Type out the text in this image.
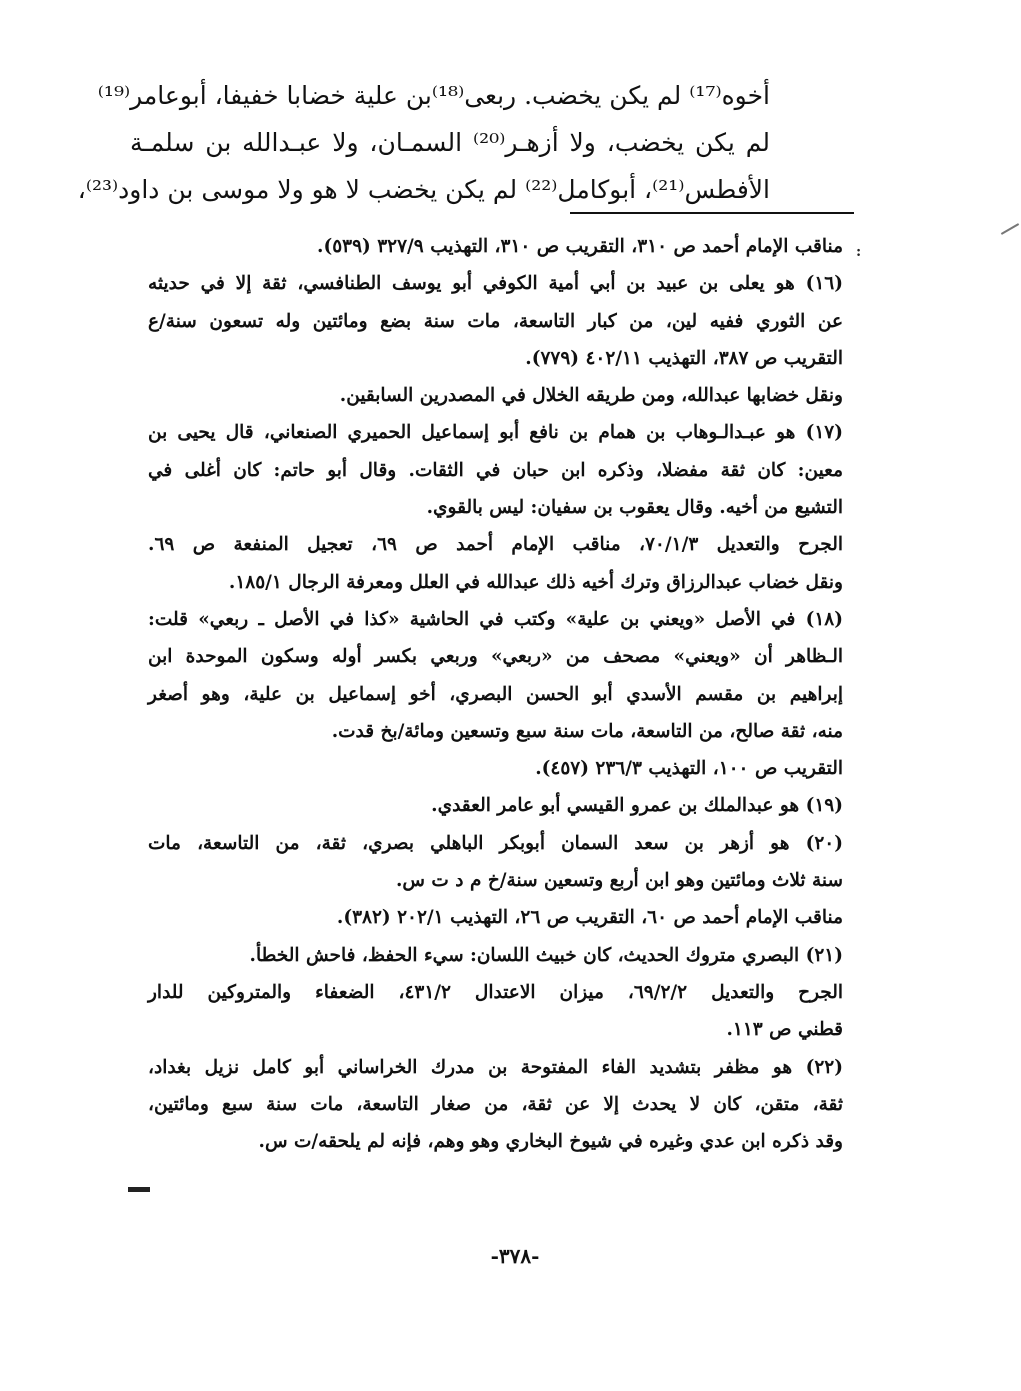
أخوه⁽¹⁷⁾ لم يكن يخضب. ربعى⁽¹⁸⁾بن علية خضابا خفيفا، أبوعامر⁽¹⁹⁾
لم يكن يخضب، ولا أزهـر⁽²⁰⁾ السمـان، ولا عبـدالله بن سلمـة
الأفطس⁽²¹⁾، أبوكامل⁽²²⁾ لم يكن يخضب لا هو ولا موسى بن داود⁽²³⁾،
:
مناقب الإمام أحمد ص ٣١٠، التقريب ص ٣١٠، التهذيب ٣٢٧/٩ (٥٣٩).
(١٦) هو يعلى بن عبيد بن أبي أمية الكوفي أبو يوسف الطنافسي، ثقة إلا في حديثه
عن الثوري ففيه لين، من كبار التاسعة، مات سنة بضع ومائتين وله تسعون سنة/ع
التقريب ص ٣٨٧، التهذيب ٤٠٢/١١ (٧٧٩).
ونقل خضابها عبدالله، ومن طريقه الخلال في المصدرين السابقين.
(١٧) هو عبـدالـوهاب بن همام بن نافع أبو إسماعيل الحميري الصنعاني، قال يحيى بن
معين: كان ثقة مفضلا، وذكره ابن حبان في الثقات. وقال أبو حاتم: كان أغلى في
التشيع من أخيه. وقال يعقوب بن سفيان: ليس بالقوي.
الجرح والتعديل ٧٠/١/٣، مناقب الإمام أحمد ص ٦٩، تعجيل المنفعة ص ٦٩.
ونقل خضاب عبدالرزاق وترك أخيه ذلك عبدالله في العلل ومعرفة الرجال ١٨٥/١.
(١٨) في الأصل «ويعني بن علية» وكتب في الحاشية «كذا في الأصل ـ ربعي» قلت:
الـظاهر أن «ويعني» مصحف من «ربعي» وربعي بكسر أوله وسكون الموحدة ابن
إبراهيم بن مقسم الأسدي أبو الحسن البصري، أخو إسماعيل بن علية، وهو أصغر
منه، ثقة صالح، من التاسعة، مات سنة سبع وتسعين ومائة/بخ قدت.
التقريب ص ١٠٠، التهذيب ٢٣٦/٣ (٤٥٧).
(١٩) هو عبدالملك بن عمرو القيسي أبو عامر العقدي.
(٢٠) هو أزهر بن سعد السمان أبوبكر الباهلي بصري، ثقة، من التاسعة، مات
سنة ثلاث ومائتين وهو ابن أربع وتسعين سنة/خ م د ت س.
مناقب الإمام أحمد ص ٦٠، التقريب ص ٢٦، التهذيب ٢٠٢/١ (٣٨٢).
(٢١) البصري متروك الحديث، كان خبيث اللسان: سيء الحفظ، فاحش الخطأ.
الجرح والتعديل ٦٩/٢/٢، ميزان الاعتدال ٤٣١/٢، الضعفاء والمتروكين للدار
قطني ص ١١٣.
(٢٢) هو مظفر بتشديد الفاء المفتوحة بن مدرك الخراساني أبو كامل نزيل بغداد،
ثقة، متقن، كان لا يحدث إلا عن ثقة، من صغار التاسعة، مات سنة سبع ومائتين،
وقد ذكره ابن عدي وغيره في شيوخ البخاري وهو وهم، فإنه لم يلحقه/ت س.
-٣٧٨-
